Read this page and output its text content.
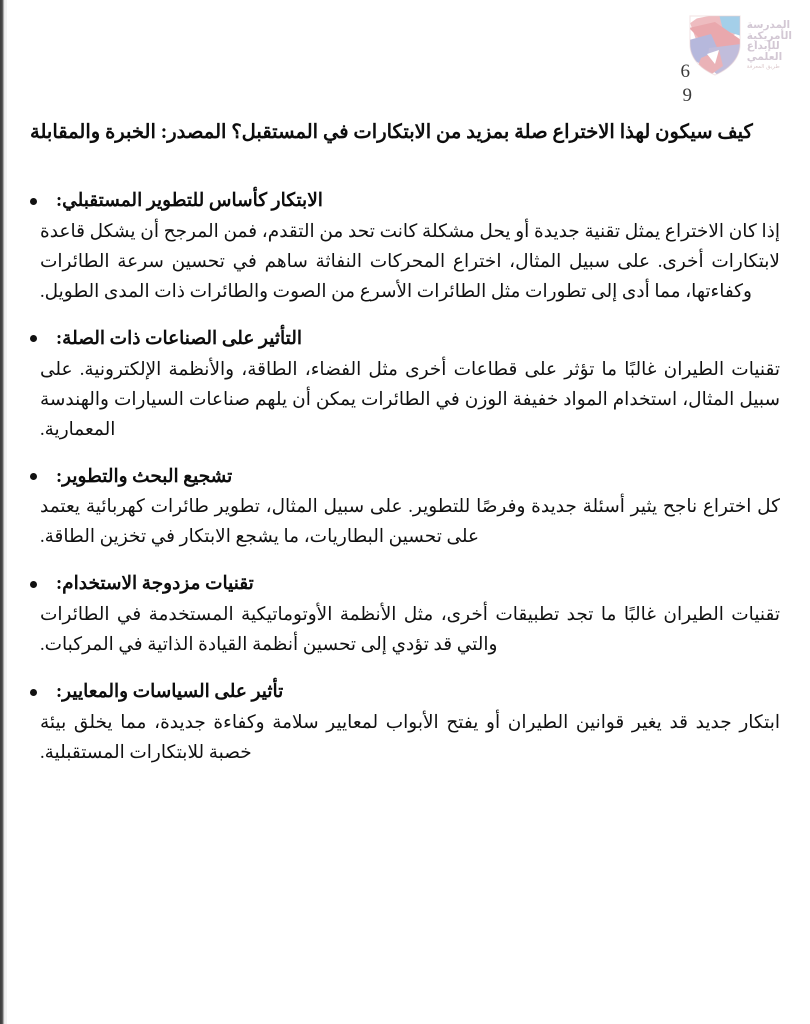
المدرسة
الأمريكية
للإبداع
العلمي
طريق المعرفة
6
9
كيف سيكون لهذا الاختراع صلة بمزيد من الابتكارات في المستقبل؟ المصدر: الخبرة والمقابلة
الابتكار كأساس للتطوير المستقبلي:

إذا كان الاختراع يمثل تقنية جديدة أو يحل مشكلة كانت تحد من التقدم، فمن المرجح أن يشكل قاعدة لابتكارات أخرى. على سبيل المثال، اختراع المحركات النفاثة ساهم في تحسين سرعة الطائرات وكفاءتها، مما أدى إلى تطورات مثل الطائرات الأسرع من الصوت والطائرات ذات المدى الطويل.

التأثير على الصناعات ذات الصلة:

تقنيات الطيران غالبًا ما تؤثر على قطاعات أخرى مثل الفضاء، الطاقة، والأنظمة الإلكترونية. على سبيل المثال، استخدام المواد خفيفة الوزن في الطائرات يمكن أن يلهم صناعات السيارات والهندسة المعمارية.

تشجيع البحث والتطوير:

كل اختراع ناجح يثير أسئلة جديدة وفرصًا للتطوير. على سبيل المثال، تطوير طائرات كهربائية يعتمد على تحسين البطاريات، ما يشجع الابتكار في تخزين الطاقة.

تقنيات مزدوجة الاستخدام:

تقنيات الطيران غالبًا ما تجد تطبيقات أخرى، مثل الأنظمة الأوتوماتيكية المستخدمة في الطائرات والتي قد تؤدي إلى تحسين أنظمة القيادة الذاتية في المركبات.

تأثير على السياسات والمعايير:

ابتكار جديد قد يغير قوانين الطيران أو يفتح الأبواب لمعايير سلامة وكفاءة جديدة، مما يخلق بيئة خصبة للابتكارات المستقبلية.
